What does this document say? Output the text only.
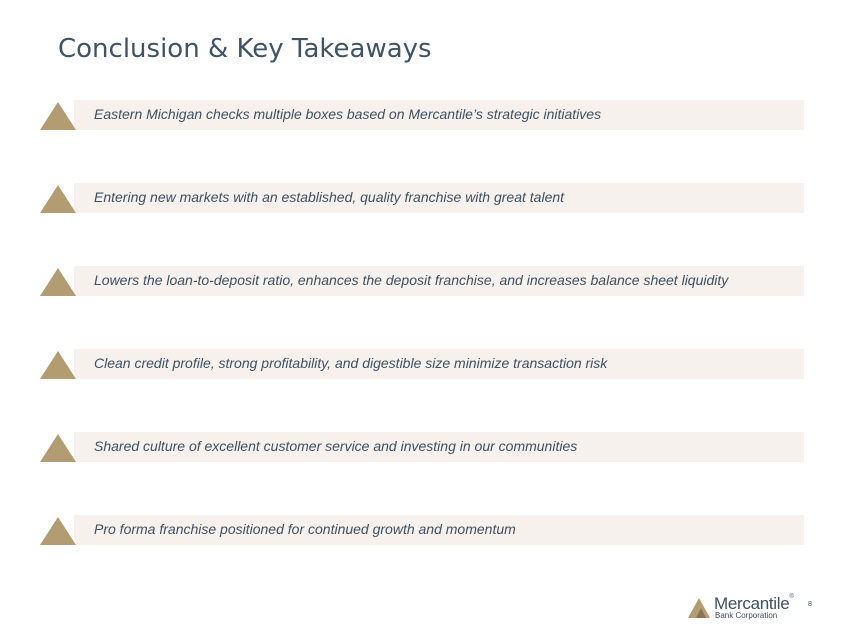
Conclusion & Key Takeaways
Eastern Michigan checks multiple boxes based on Mercantile’s strategic initiatives
Entering new markets with an established, quality franchise with great talent
Lowers the loan-to-deposit ratio, enhances the deposit franchise, and increases balance sheet liquidity
Clean credit profile, strong profitability, and digestible size minimize transaction risk
Shared culture of excellent customer service and investing in our communities
Pro forma franchise positioned for continued growth and momentum
Mercantile®
Bank Corporation
8
